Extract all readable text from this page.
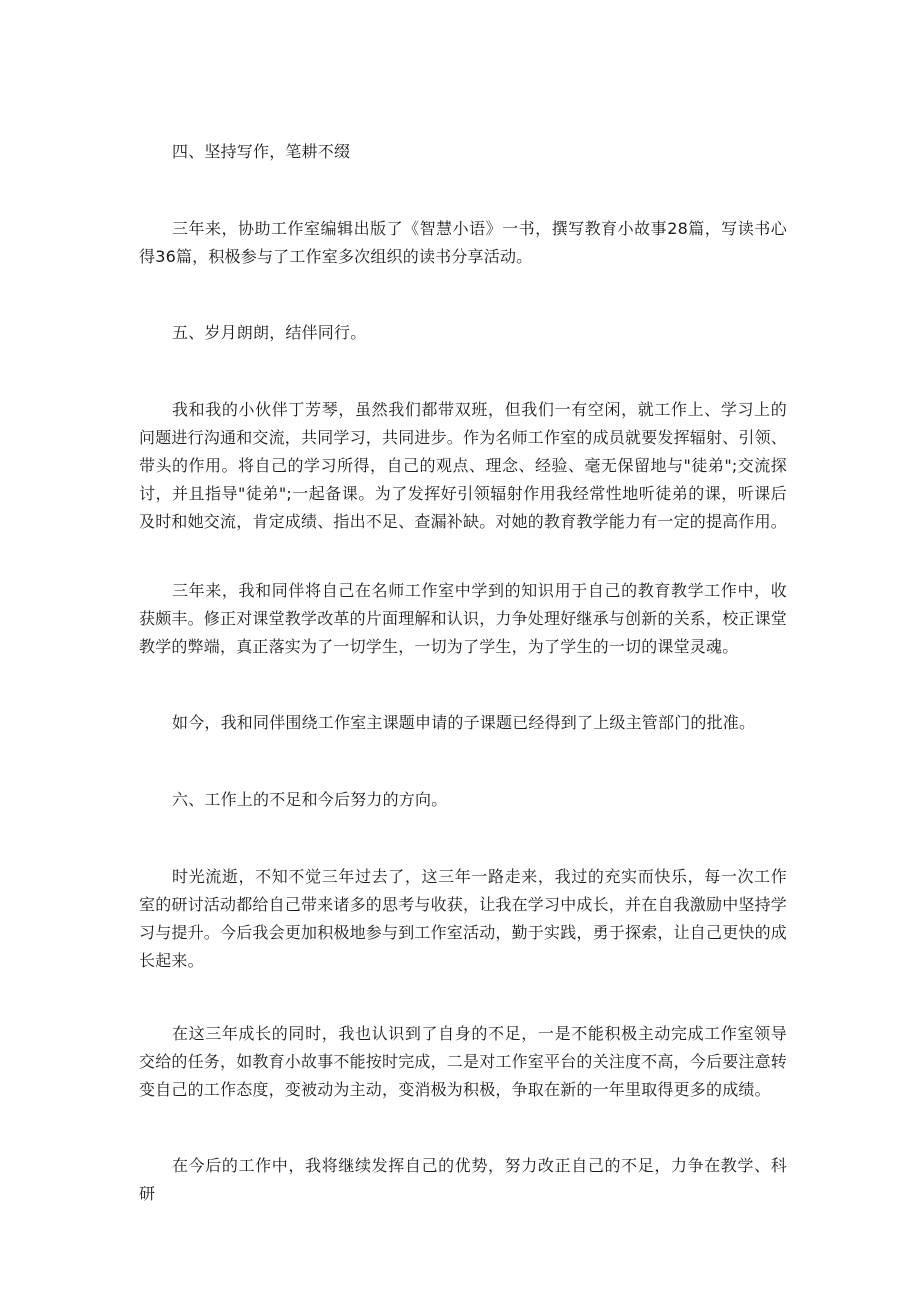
四、坚持写作，笔耕不缀

三年来，协助工作室编辑出版了《智慧小语》一书，撰写教育小故事28篇，写读书心得36篇，积极参与了工作室多次组织的读书分享活动。

五、岁月朗朗，结伴同行。

我和我的小伙伴丁芳琴，虽然我们都带双班，但我们一有空闲，就工作上、学习上的问题进行沟通和交流，共同学习，共同进步。作为名师工作室的成员就要发挥辐射、引领、带头的作用。将自己的学习所得，自己的观点、理念、经验、毫无保留地与"徒弟";交流探讨，并且指导"徒弟";一起备课。为了发挥好引领辐射作用我经常性地听徒弟的课，听课后及时和她交流，肯定成绩、指出不足、查漏补缺。对她的教育教学能力有一定的提高作用。

三年来，我和同伴将自己在名师工作室中学到的知识用于自己的教育教学工作中，收获颇丰。修正对课堂教学改革的片面理解和认识，力争处理好继承与创新的关系，校正课堂教学的弊端，真正落实为了一切学生，一切为了学生，为了学生的一切的课堂灵魂。

如今，我和同伴围绕工作室主课题申请的子课题已经得到了上级主管部门的批准。

六、工作上的不足和今后努力的方向。

时光流逝，不知不觉三年过去了，这三年一路走来，我过的充实而快乐，每一次工作室的研讨活动都给自己带来诸多的思考与收获，让我在学习中成长，并在自我激励中坚持学习与提升。今后我会更加积极地参与到工作室活动，勤于实践，勇于探索，让自己更快的成长起来。

在这三年成长的同时，我也认识到了自身的不足，一是不能积极主动完成工作室领导交给的任务，如教育小故事不能按时完成，二是对工作室平台的关注度不高，今后要注意转变自己的工作态度，变被动为主动，变消极为积极，争取在新的一年里取得更多的成绩。

在今后的工作中，我将继续发挥自己的优势，努力改正自己的不足，力争在教学、科研
